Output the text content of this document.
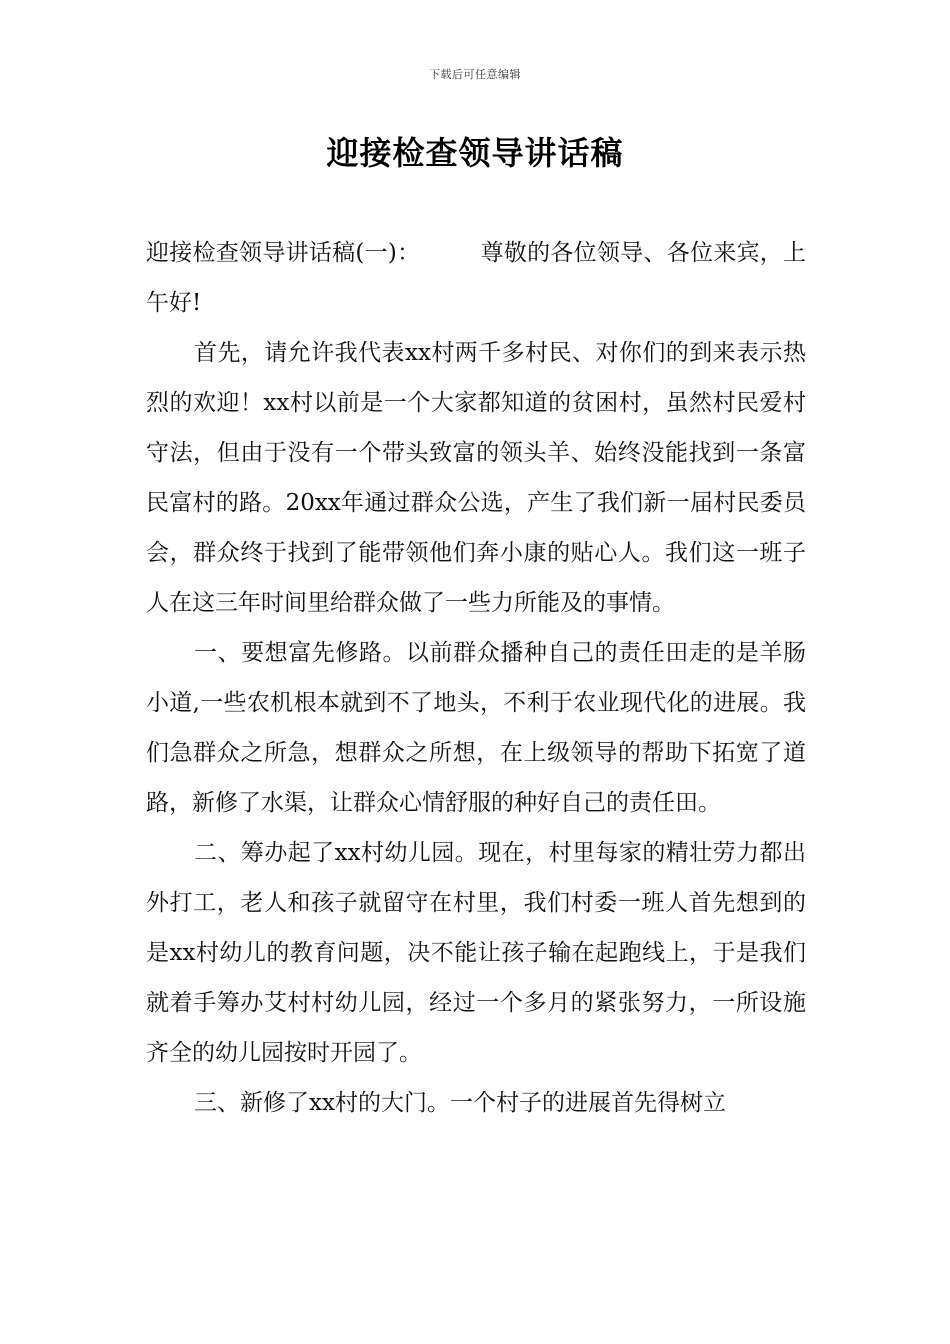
下载后可任意编辑
迎接检查领导讲话稿

迎接检查领导讲话稿(一)：	尊敬的各位领导、各位来宾，上午好!

首先，请允许我代表xx村两千多村民、对你们的到来表示热烈的欢迎！xx村以前是一个大家都知道的贫困村，虽然村民爱村守法，但由于没有一个带头致富的领头羊、始终没能找到一条富民富村的路。20xx年通过群众公选，产生了我们新一届村民委员会，群众终于找到了能带领他们奔小康的贴心人。我们这一班子人在这三年时间里给群众做了一些力所能及的事情。

一、要想富先修路。以前群众播种自己的责任田走的是羊肠小道,一些农机根本就到不了地头，不利于农业现代化的进展。我们急群众之所急，想群众之所想，在上级领导的帮助下拓宽了道路，新修了水渠，让群众心情舒服的种好自己的责任田。

二、筹办起了xx村幼儿园。现在，村里每家的精壮劳力都出外打工，老人和孩子就留守在村里，我们村委一班人首先想到的是xx村幼儿的教育问题，决不能让孩子输在起跑线上，于是我们就着手筹办艾村村幼儿园，经过一个多月的紧张努力，一所设施齐全的幼儿园按时开园了。

三、新修了xx村的大门。一个村子的进展首先得树立
